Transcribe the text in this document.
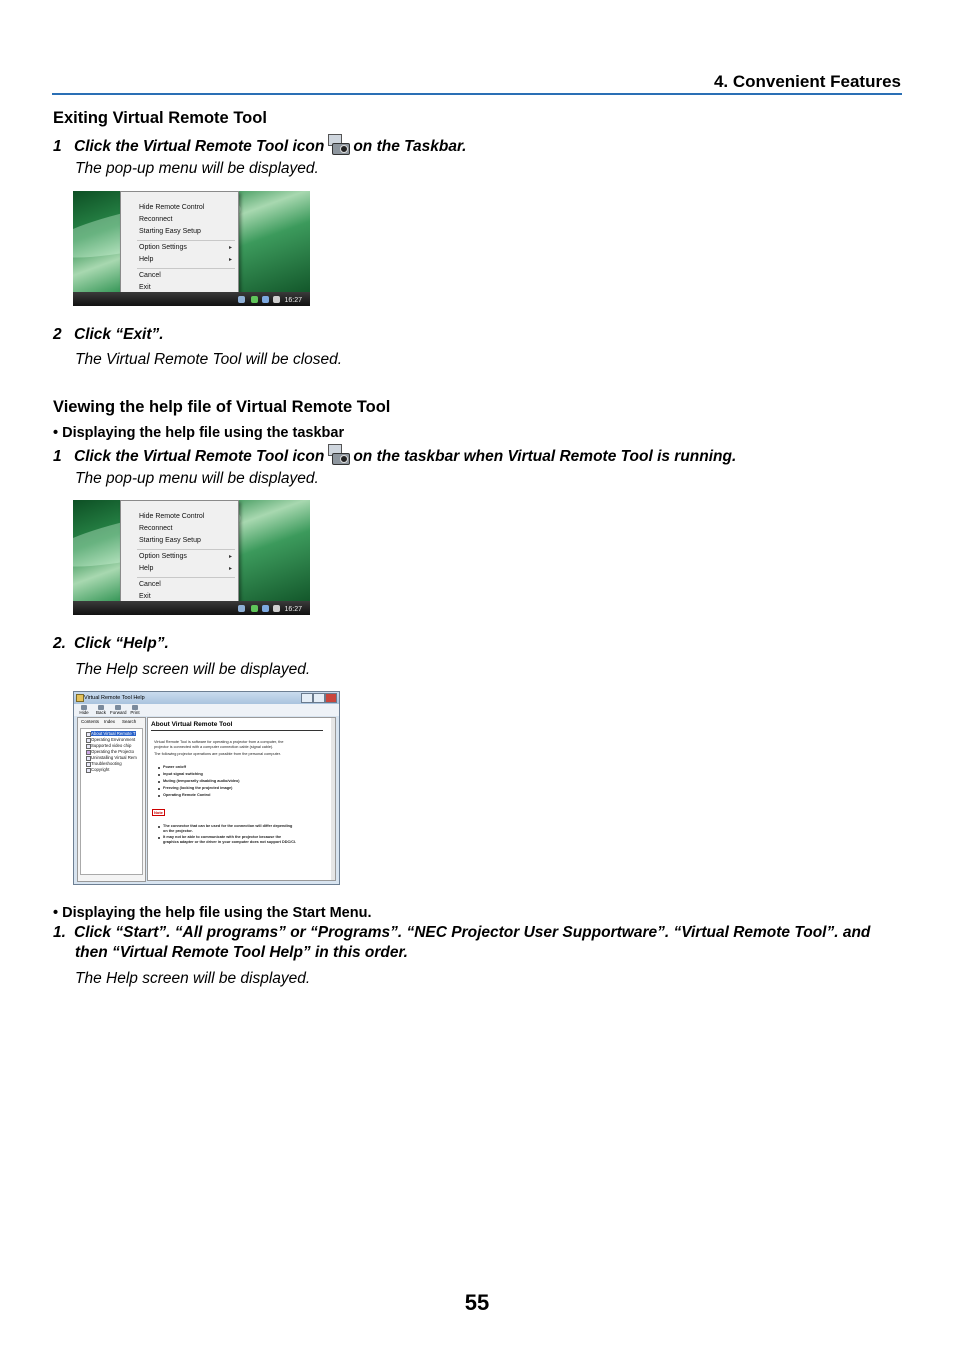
4. Convenient Features
Exiting Virtual Remote Tool
1 Click the Virtual Remote Tool icon on the Taskbar.
The pop-up menu will be displayed.
Hide Remote Control
Reconnect
Starting Easy Setup
Option Settings	▸
Help	▸
Cancel
Exit
16:27
2 Click “Exit”.
The Virtual Remote Tool will be closed.
Viewing the help file of Virtual Remote Tool
• Displaying the help file using the taskbar
1 Click the Virtual Remote Tool icon on the taskbar when Virtual Remote Tool is running.
The pop-up menu will be displayed.
Hide Remote Control
Reconnect
Starting Easy Setup
Option Settings	▸
Help	▸
Cancel
Exit
16:27
2. Click “Help”.
The Help screen will be displayed.
Virtual Remote Tool Help
Hide	Back Forward Print
Contents Index Search
About Virtual Remote T
Operating Environment
Supported video chip
Operating the Projecto
Uninstalling Virtual Rem
Troubleshooting
Copyright
About Virtual Remote Tool
Virtual Remote Tool is software for operating a projector from a computer, the
projector is connected with a computer connection cable (signal cable).
The following projector operations are possible from the personal computer.
Power on/off
Input signal switching
Muting (temporarily disabling audio/video)
Freezing (locking the projected image)
Operating Remote Control
Note
The connector that can be used for the connection will differ depending
on the projector.
It may not be able to communicate with the projector because the
graphics adapter or the driver in your computer does not support DDC/CI.
• Displaying the help file using the Start Menu.
1. Click “Start”. “All programs” or “Programs”. “NEC Projector User Supportware”. “Virtual Remote Tool”. and
then “Virtual Remote Tool Help” in this order.
The Help screen will be displayed.
55
